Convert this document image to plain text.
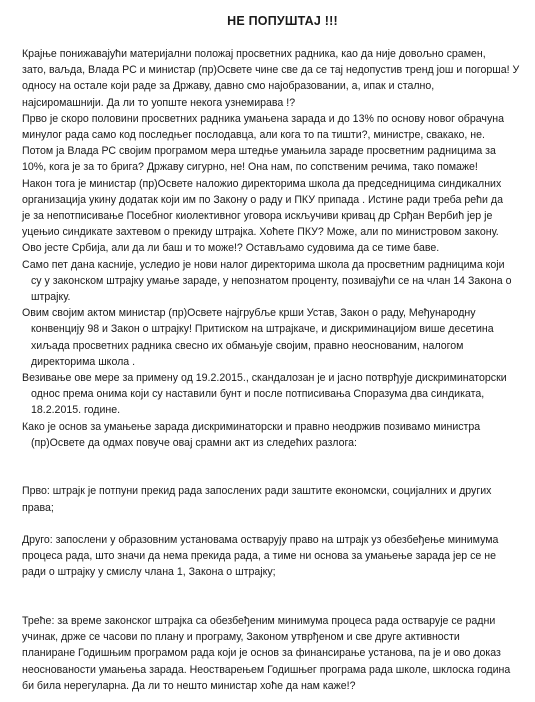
НЕ ПОПУШТАЈ !!!
Крајње понижавајући материјални положај просветних радника, као да није довољно срамен,
зато, ваљда, Влада РС и министар (пр)Освете чине све да се тај недопустив тренд још и погорша! У
односу на остале који раде за Државу, давно смо најобразовании, а, ипак и стално,
најсиромашнији. Да ли то уопште некога узнемирава !?
Прво је скоро половини просветних радника умањена зарада и до 13% по основу новог обрачуна
минулог рада само код последњег послодавца, али кога то па тишти?, министре, свакако, не.
Потом ја Влада РС својим програмом мера штедње умањила зараде просветним радницима за
10%, кога је за то брига? Државу сигурно, не! Она нам, по сопственим речима, тако помаже!
Након тога је министар (пр)Освете наложио директорима школа да председницима синдикалних
организација укину додатак који им по Закону о раду и ПКУ припада . Истине ради треба рећи да
је за непотписивање Посебног киолективног уговора искључиви кривац др Срђан Вербић јер је
уцењио синдикате захтевом о прекиду штрајка. Хоћете ПКУ? Може, али по министровом закону.
Ово јесте Србија, али да ли баш и то може!? Остављамо судовима да се тиме баве.
Само пет дана касније, уследио је нови налог директорима школа да просветним радницима који
су у законском штрајку умање зараде, у непознатом проценту, позивајући се на члан 14 Закона о
штрајку.
Овим својим актом министар (пр)Освете најгрубље крши Устав, Закон о раду, Међународну
конвенцију 98 и Закон о штрајку! Притиском на штрајкаче, и дискриминацијом више десетина
хиљада просветних радника свесно их обмањује својим, правно неоснованим, налогом
директорима школа .
Везивање ове мере за примену од 19.2.2015., скандалозан је и јасно потврђује дискриминаторски
однос према онима који су наставили бунт и после потписивања Споразума два синдиката,
18.2.2015. године.
Како је основ за умањење зарада дискриминаторски и правно неодржив позивамо министра
(пр)Освете да одмах повуче овај срамни акт из следећих разлога:
Прво: штрајк је потпуни прекид рада запослених ради заштите економски, социјалних и других
права;
Друго: запослени у образовним установама остварују право на штрајк уз обезбеђење минимума
процеса рада, што значи да нема прекида рада, а тиме ни основа за умањење зарада јер се не
ради о штрајку у смислу члана 1, Закона о штрајку;
Треће: за време законског штрајка са обезбеђеним минимума процеса рада остварује се радни
учинак, држе се часови по плану и програму, Законом утврђеном и све друге активности
планиране Годишњим програмом рада који је основ за финансирање установа, па је и ово доказ
неоснованости умањења зарада. Неостварењем Годишњег програма рада школе, шклоска година
би била нерегуларна. Да ли то нешто министар хоће да нам каже!?
